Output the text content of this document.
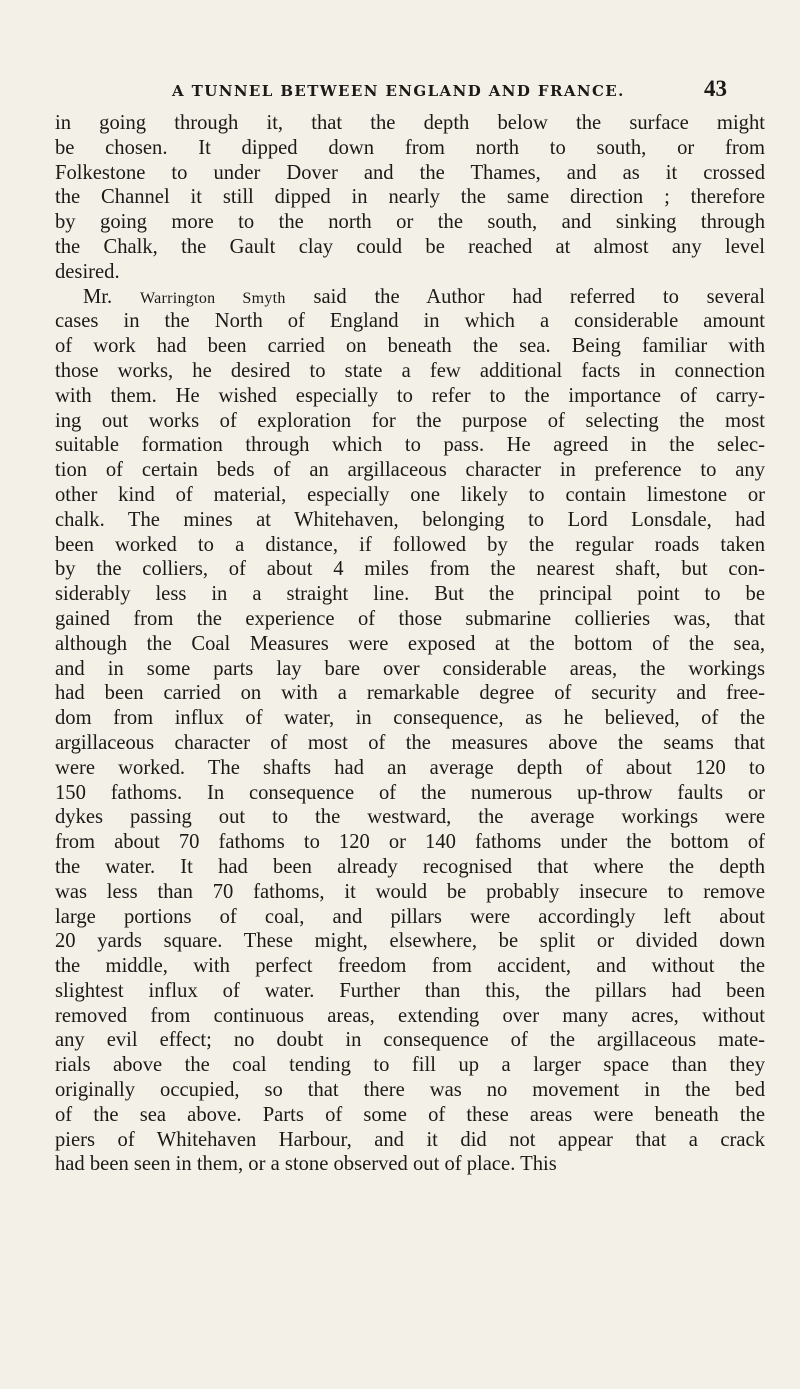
A TUNNEL BETWEEN ENGLAND AND FRANCE.	43
in going through it, that the depth below the surface might
be chosen. It dipped down from north to south, or from
Folkestone to under Dover and the Thames, and as it crossed
the Channel it still dipped in nearly the same direction ; therefore
by going more to the north or the south, and sinking through
the Chalk, the Gault clay could be reached at almost any level
desired.
Mr. Warrington Smyth said the Author had referred to several
cases in the North of England in which a considerable amount
of work had been carried on beneath the sea. Being familiar with
those works, he desired to state a few additional facts in connection
with them. He wished especially to refer to the importance of carry-
ing out works of exploration for the purpose of selecting the most
suitable formation through which to pass. He agreed in the selec-
tion of certain beds of an argillaceous character in preference to any
other kind of material, especially one likely to contain limestone or
chalk. The mines at Whitehaven, belonging to Lord Lonsdale, had
been worked to a distance, if followed by the regular roads taken
by the colliers, of about 4 miles from the nearest shaft, but con-
siderably less in a straight line. But the principal point to be
gained from the experience of those submarine collieries was, that
although the Coal Measures were exposed at the bottom of the sea,
and in some parts lay bare over considerable areas, the workings
had been carried on with a remarkable degree of security and free-
dom from influx of water, in consequence, as he believed, of the
argillaceous character of most of the measures above the seams that
were worked. The shafts had an average depth of about 120 to
150 fathoms. In consequence of the numerous up-throw faults or
dykes passing out to the westward, the average workings were
from about 70 fathoms to 120 or 140 fathoms under the bottom of
the water. It had been already recognised that where the depth
was less than 70 fathoms, it would be probably insecure to remove
large portions of coal, and pillars were accordingly left about
20 yards square. These might, elsewhere, be split or divided down
the middle, with perfect freedom from accident, and without the
slightest influx of water. Further than this, the pillars had been
removed from continuous areas, extending over many acres, without
any evil effect; no doubt in consequence of the argillaceous mate-
rials above the coal tending to fill up a larger space than they
originally occupied, so that there was no movement in the bed
of the sea above. Parts of some of these areas were beneath the
piers of Whitehaven Harbour, and it did not appear that a crack
had been seen in them, or a stone observed out of place. This
